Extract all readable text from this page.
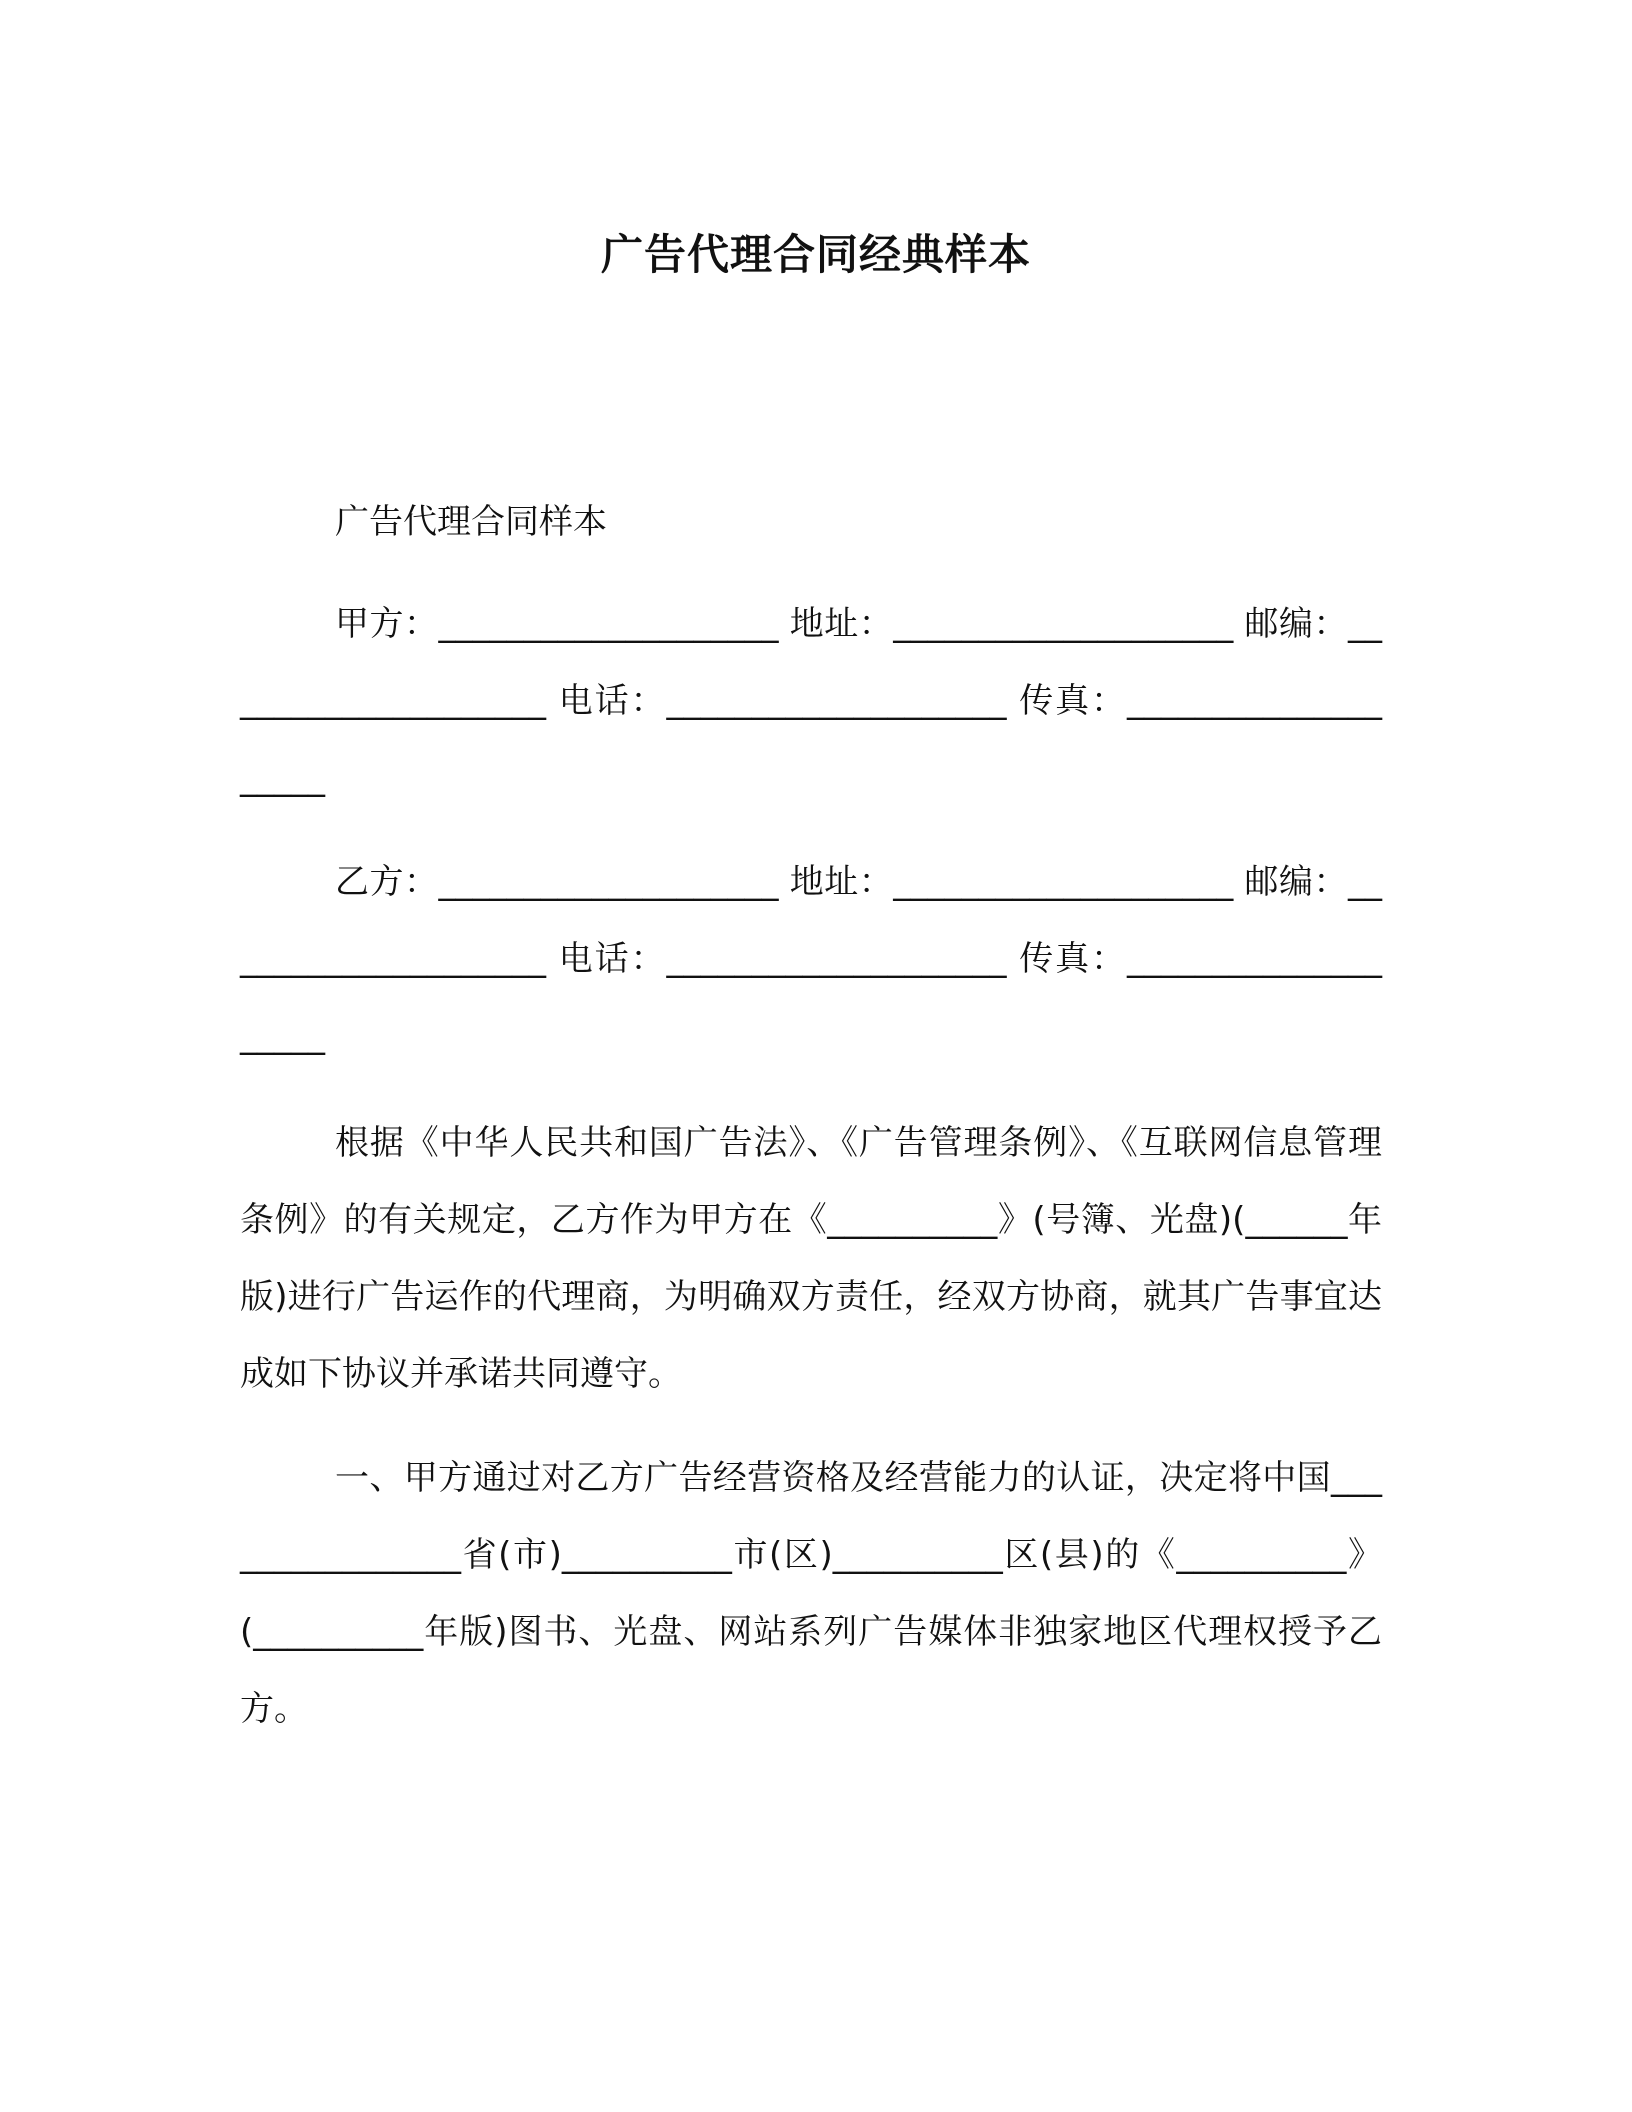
广告代理合同经典样本

广告代理合同样本

甲方：____________________ 地址：____________________ 邮编：____________________ 电话：____________________ 传真：____________________

乙方：____________________ 地址：____________________ 邮编：____________________ 电话：____________________ 传真：____________________

根据《中华人民共和国广告法》、《广告管理条例》、《互联网信息管理条例》的有关规定，乙方作为甲方在《__________》(号簿、光盘)(______年版)进行广告运作的代理商，为明确双方责任，经双方协商，就其广告事宜达成如下协议并承诺共同遵守。

一、甲方通过对乙方广告经营资格及经营能力的认证，决定将中国________________省(市)__________市(区)__________区(县)的《__________》(__________年版)图书、光盘、网站系列广告媒体非独家地区代理权授予乙方。
